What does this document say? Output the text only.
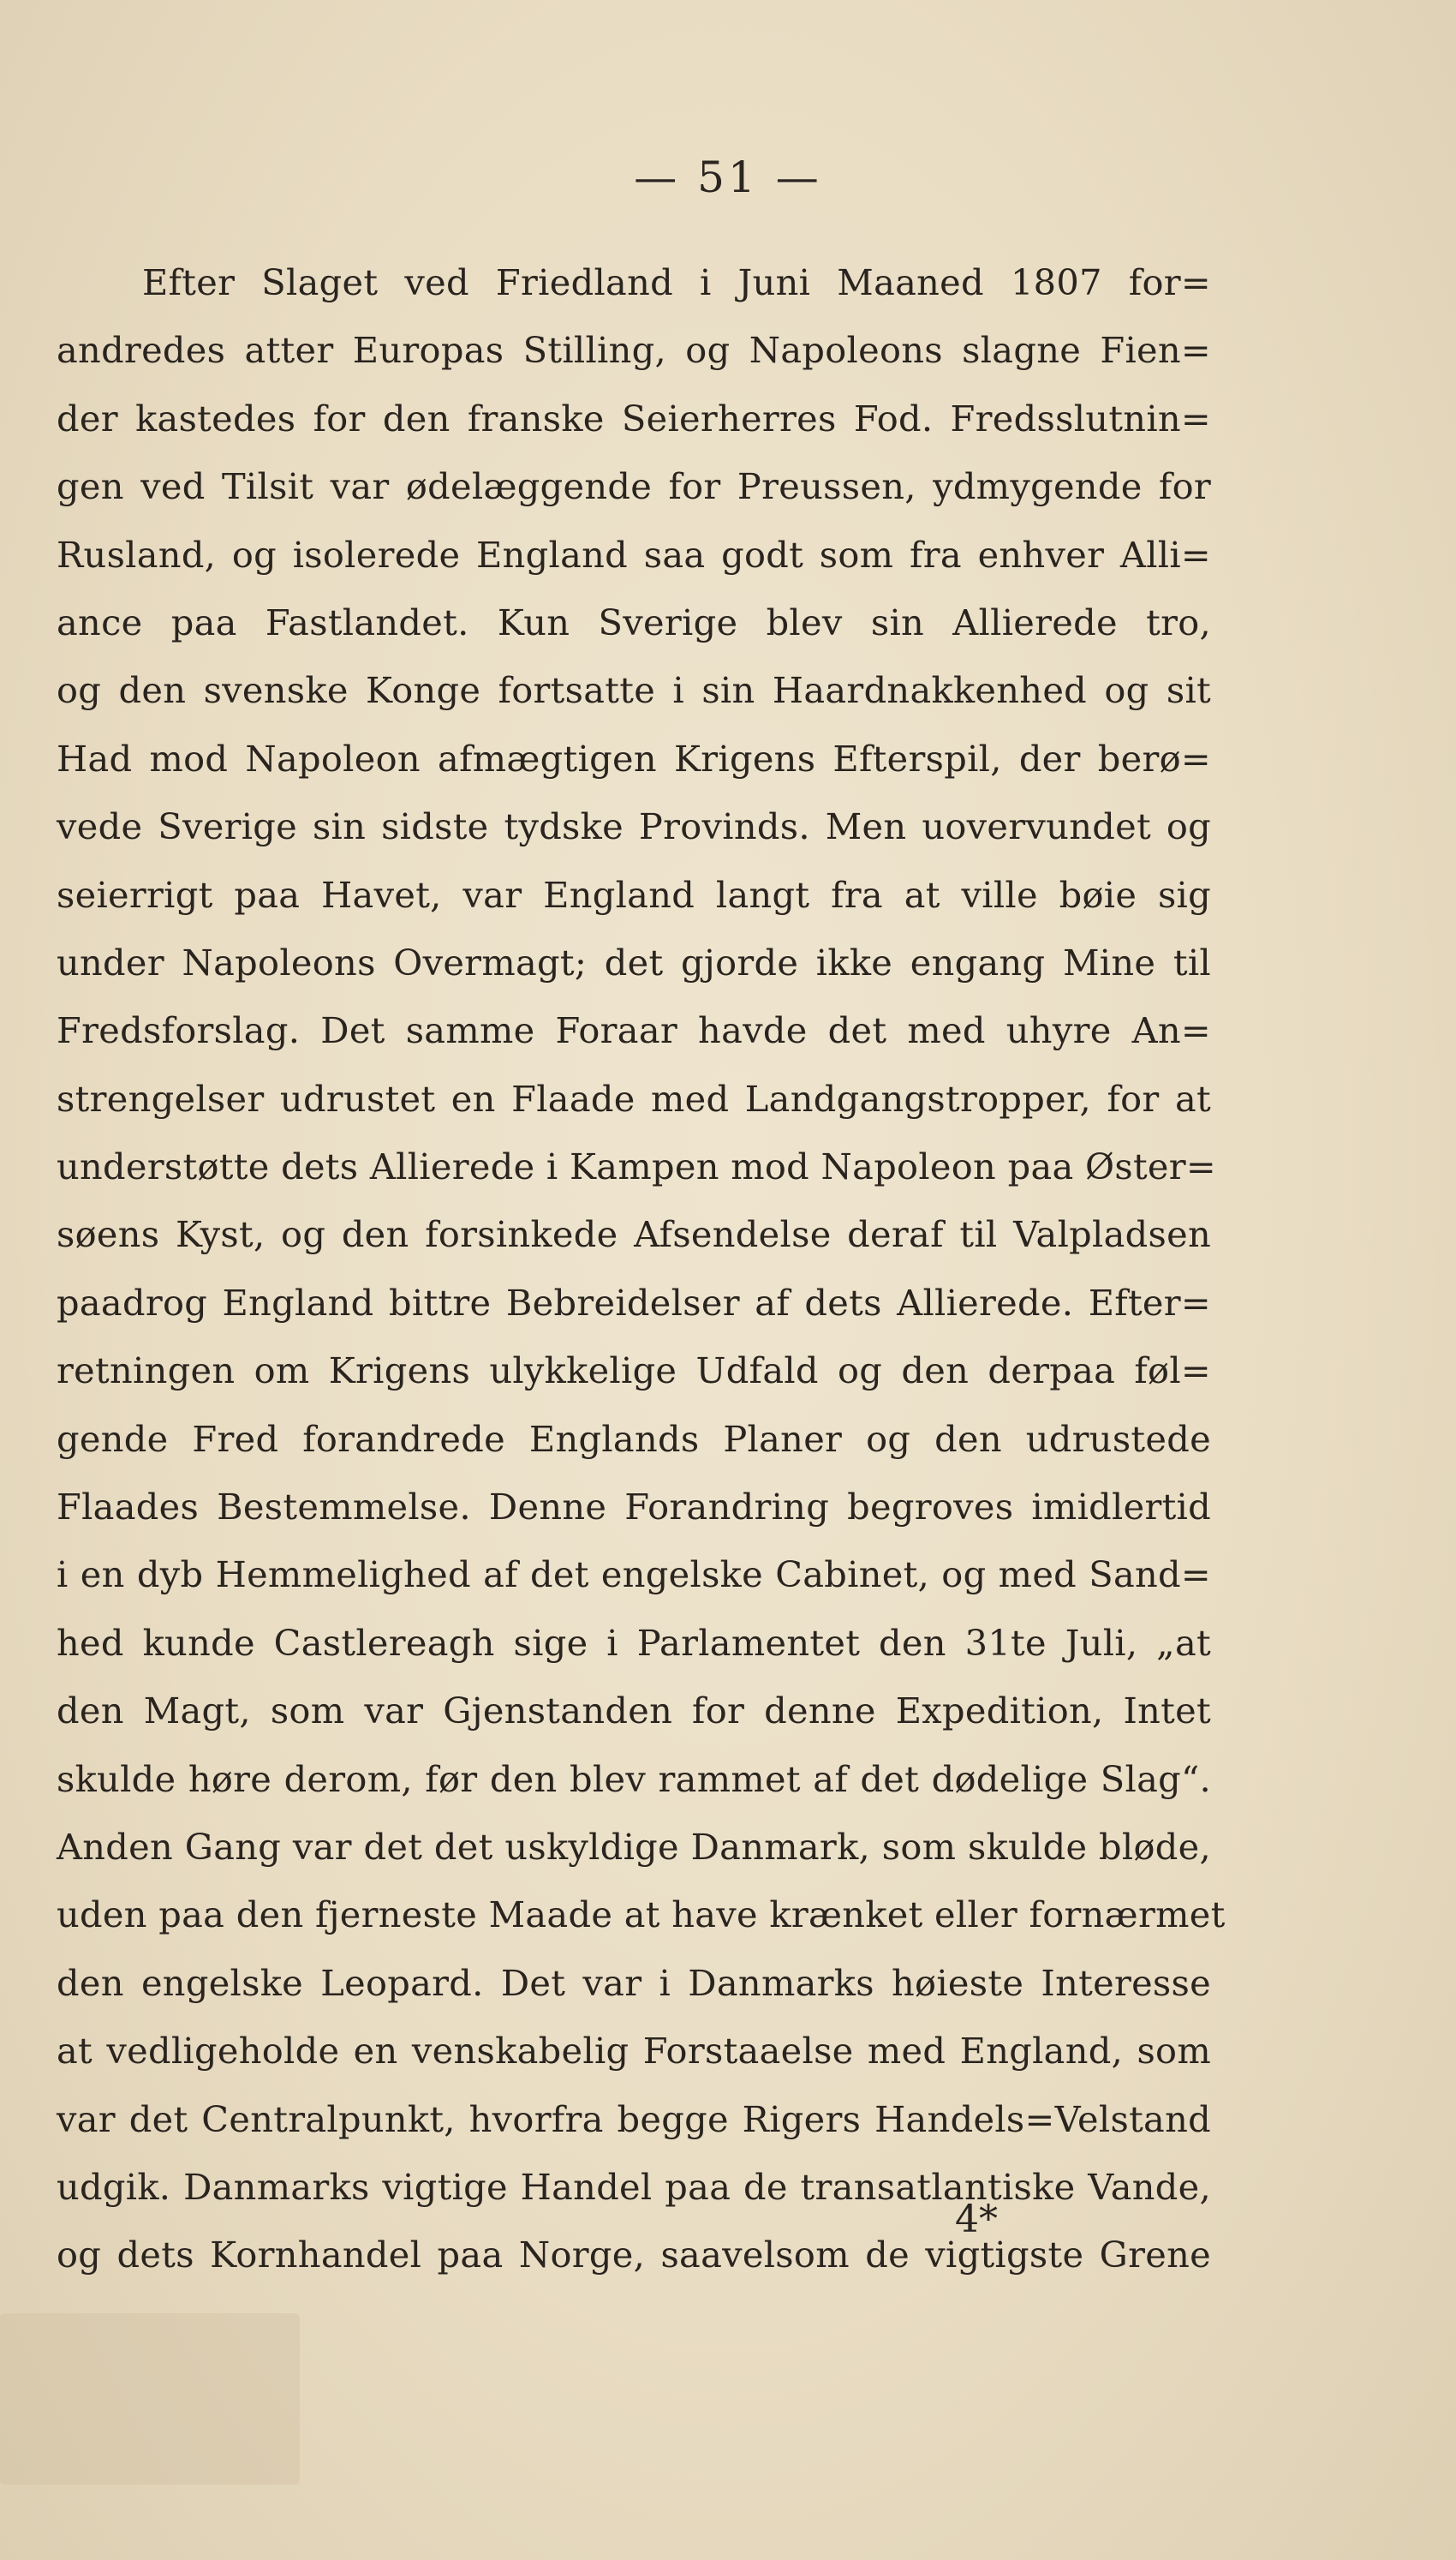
— 51 —
Efter Slaget ved Friedland i Juni Maaned 1807 for=
andredes atter Europas Stilling, og Napoleons slagne Fien=
der kastedes for den franske Seierherres Fod. Fredsslutnin=
gen ved Tilsit var ødelæggende for Preussen, ydmygende for
Rusland, og isolerede England saa godt som fra enhver Alli=
ance paa Fastlandet. Kun Sverige blev sin Allierede tro,
og den svenske Konge fortsatte i sin Haardnakkenhed og sit
Had mod Napoleon afmægtigen Krigens Efterspil, der berø=
vede Sverige sin sidste tydske Provinds. Men uovervundet og
seierrigt paa Havet, var England langt fra at ville bøie sig
under Napoleons Overmagt; det gjorde ikke engang Mine til
Fredsforslag. Det samme Foraar havde det med uhyre An=
strengelser udrustet en Flaade med Landgangstropper, for at
understøtte dets Allierede i Kampen mod Napoleon paa Øster=
søens Kyst, og den forsinkede Afsendelse deraf til Valpladsen
paadrog England bittre Bebreidelser af dets Allierede. Efter=
retningen om Krigens ulykkelige Udfald og den derpaa føl=
gende Fred forandrede Englands Planer og den udrustede
Flaades Bestemmelse. Denne Forandring begroves imidlertid
i en dyb Hemmelighed af det engelske Cabinet, og med Sand=
hed kunde Castlereagh sige i Parlamentet den 31te Juli, „at
den Magt, som var Gjenstanden for denne Expedition, Intet
skulde høre derom, før den blev rammet af det dødelige Slag“.
Anden Gang var det det uskyldige Danmark, som skulde bløde,
uden paa den fjerneste Maade at have krænket eller fornærmet
den engelske Leopard. Det var i Danmarks høieste Interesse
at vedligeholde en venskabelig Forstaaelse med England, som
var det Centralpunkt, hvorfra begge Rigers Handels=Velstand
udgik. Danmarks vigtige Handel paa de transatlantiske Vande,
og dets Kornhandel paa Norge, saavelsom de vigtigste Grene
4*
